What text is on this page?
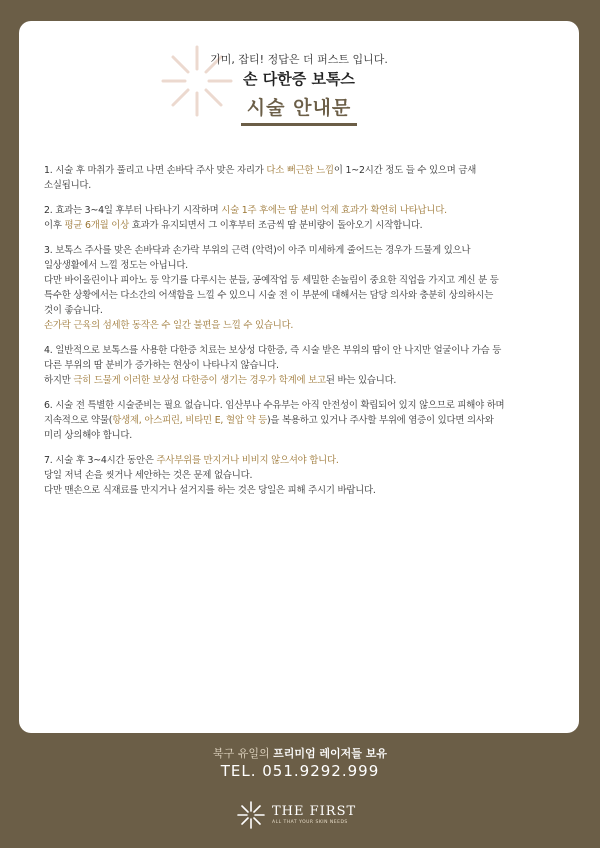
기미, 잡티! 정답은 더 퍼스트 입니다.
손 다한증 보톡스
시술 안내문

1. 시술 후 마취가 풀리고 나면 손바닥 주사 맞은 자리가 다소 뻐근한 느낌이 1~2시간 정도 들 수 있으며 금새
소실됩니다.

2. 효과는 3~4일 후부터 나타나기 시작하며 시술 1주 후에는 땀 분비 억제 효과가 확연히 나타납니다.
이후 평균 6개월 이상 효과가 유지되면서 그 이후부터 조금씩 땀 분비량이 돌아오기 시작합니다.

3. 보톡스 주사를 맞은 손바닥과 손가락 부위의 근력 (악력)이 아주 미세하게 줄어드는 경우가 드물게 있으나
일상생활에서 느낄 정도는 아닙니다.
다만 바이올린이나 피아노 등 악기를 다루시는 분들, 공예작업 등 세밀한 손놀림이 중요한 직업을 가지고 계신 분 등
특수한 상황에서는 다소간의 어색함을 느낄 수 있으니 시술 전 이 부분에 대해서는 담당 의사와 충분히 상의하시는
것이 좋습니다.
손가락 근육의 섬세한 동작은 수 일간 불편을 느낄 수 있습니다.

4. 일반적으로 보톡스를 사용한 다한증 치료는 보상성 다한증, 즉 시술 받은 부위의 땀이 안 나지만 얼굴이나 가슴 등
다른 부위의 땀 분비가 증가하는 현상이 나타나지 않습니다.
하지만 극히 드물게 이러한 보상성 다한증이 생기는 경우가 학계에 보고된 바는 있습니다.

6. 시술 전 특별한 시술준비는 필요 없습니다. 임산부나 수유부는 아직 안전성이 확립되어 있지 않으므로 피해야 하며
지속적으로 약물(항생제, 아스피린, 비타민 E, 혈압 약 등)을 복용하고 있거나 주사할 부위에 염증이 있다면 의사와
미리 상의해야 합니다.

7. 시술 후 3~4시간 동안은 주사부위를 만지거나 비비지 않으셔야 합니다.
당일 저녁 손을 씻거나 세안하는 것은 문제 없습니다.
다만 맨손으로 식재료를 만지거나 설거지를 하는 것은 당일은 피해 주시기 바랍니다.

북구 유일의 프리미엄 레이저들 보유
TEL. 051.9292.999
THE FIRST
ALL THAT YOUR SKIN NEEDS
